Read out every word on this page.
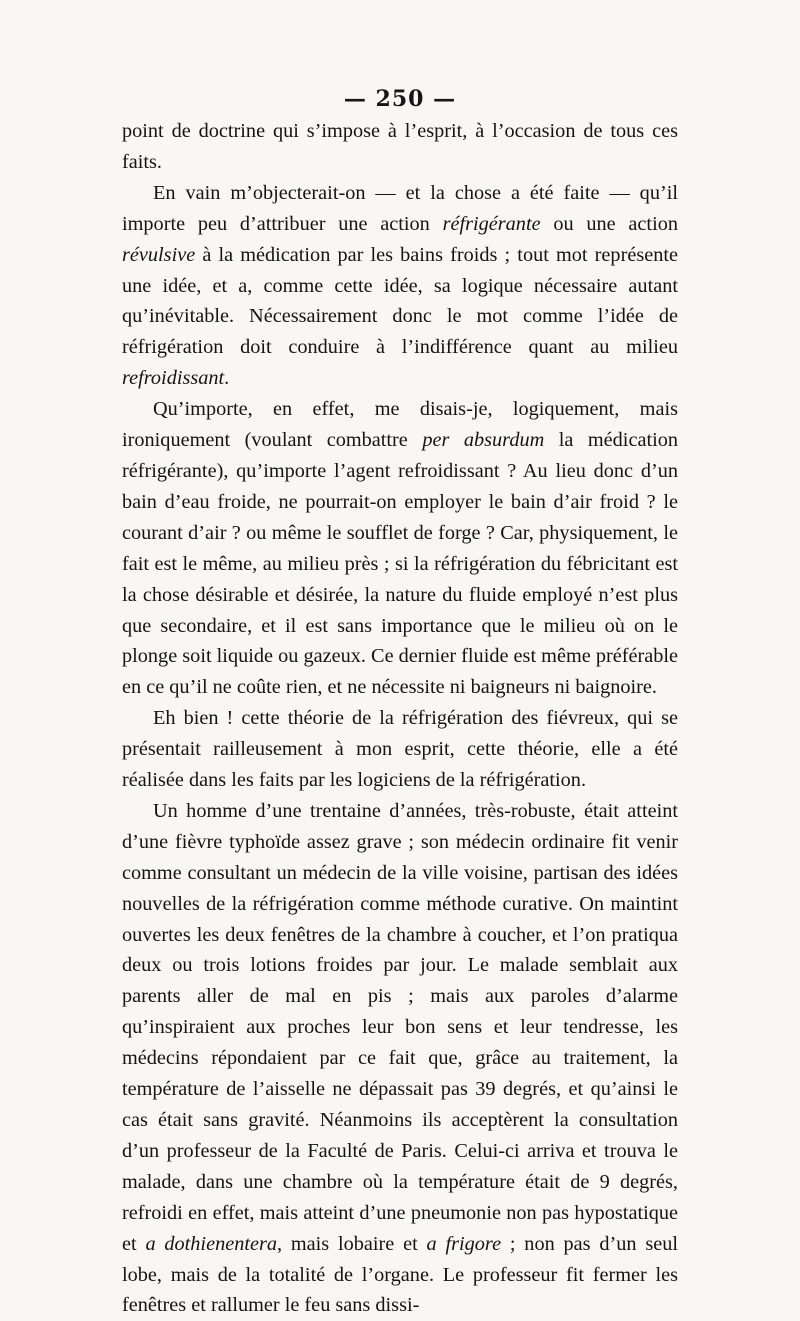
— 250 —

point de doctrine qui s’impose à l’esprit, à l’occasion de tous ces faits.

En vain m’objecterait-on — et la chose a été faite — qu’il importe peu d’attribuer une action réfrigérante ou une action révulsive à la médication par les bains froids ; tout mot représente une idée, et a, comme cette idée, sa logique nécessaire autant qu’inévitable. Nécessairement donc le mot comme l’idée de réfrigération doit conduire à l’indifférence quant au milieu refroidissant.

Qu’importe, en effet, me disais-je, logiquement, mais ironiquement (voulant combattre per absurdum la médication réfrigérante), qu’importe l’agent refroidissant ? Au lieu donc d’un bain d’eau froide, ne pourrait-on employer le bain d’air froid ? le courant d’air ? ou même le soufflet de forge ? Car, physiquement, le fait est le même, au milieu près ; si la réfrigération du fébricitant est la chose désirable et désirée, la nature du fluide employé n’est plus que secondaire, et il est sans importance que le milieu où on le plonge soit liquide ou gazeux. Ce dernier fluide est même préférable en ce qu’il ne coûte rien, et ne nécessite ni baigneurs ni baignoire.

Eh bien ! cette théorie de la réfrigération des fiévreux, qui se présentait railleusement à mon esprit, cette théorie, elle a été réalisée dans les faits par les logiciens de la réfrigération.

Un homme d’une trentaine d’années, très-robuste, était atteint d’une fièvre typhoïde assez grave ; son médecin ordinaire fit venir comme consultant un médecin de la ville voisine, partisan des idées nouvelles de la réfrigération comme méthode curative. On maintint ouvertes les deux fenêtres de la chambre à coucher, et l’on pratiqua deux ou trois lotions froides par jour. Le malade semblait aux parents aller de mal en pis ; mais aux paroles d’alarme qu’inspiraient aux proches leur bon sens et leur tendresse, les médecins répondaient par ce fait que, grâce au traitement, la température de l’aisselle ne dépassait pas 39 degrés, et qu’ainsi le cas était sans gravité. Néanmoins ils acceptèrent la consultation d’un professeur de la Faculté de Paris. Celui-ci arriva et trouva le malade, dans une chambre où la température était de 9 degrés, refroidi en effet, mais atteint d’une pneumonie non pas hypostatique et a dothienentera, mais lobaire et a frigore ; non pas d’un seul lobe, mais de la totalité de l’organe. Le professeur fit fermer les fenêtres et rallumer le feu sans dissi-
